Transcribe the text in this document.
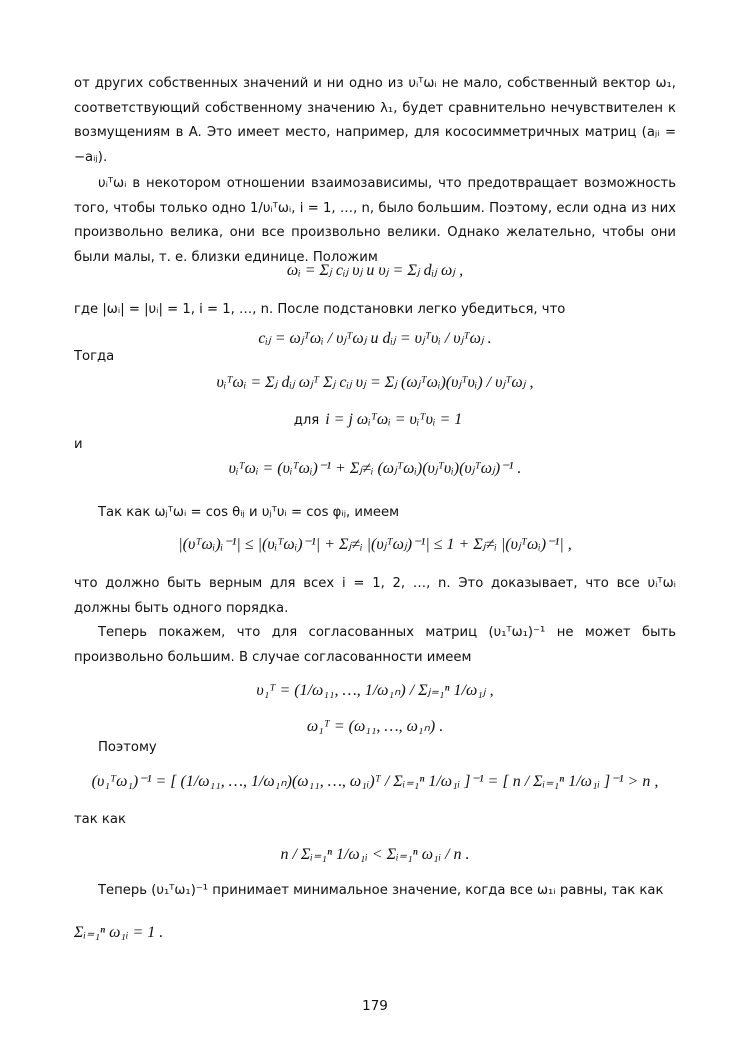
от других собственных значений и ни одно из υᵢᵀωᵢ не мало, собственный вектор ω₁, соответствующий собственному значению λ₁, будет сравнительно нечувствителен к возмущениям в A. Это имеет место, например, для кососимметричных матриц (aⱼᵢ = −aᵢⱼ).
υᵢᵀωᵢ в некотором отношении взаимозависимы, что предотвращает возможность того, чтобы только одно 1/υᵢᵀωᵢ, i = 1, …, n, было большим. Поэтому, если одна из них произвольно велика, они все произвольно велики. Однако желательно, чтобы они были малы, т. е. близки единице. Положим
ωᵢ = Σⱼ cᵢⱼ υⱼ и υⱼ = Σⱼ dᵢⱼ ωⱼ ,
где |ωᵢ| = |υᵢ| = 1, i = 1, …, n. После подстановки легко убедиться, что
cᵢⱼ = ωⱼᵀωᵢ / υⱼᵀωⱼ и dᵢⱼ = υⱼᵀυᵢ / υⱼᵀωⱼ .
Тогда
υᵢᵀωᵢ = Σⱼ dᵢⱼ ωⱼᵀ Σⱼ cᵢⱼ υⱼ = Σⱼ (ωⱼᵀωᵢ)(υⱼᵀυᵢ) / υⱼᵀωⱼ ,
для i = j ωᵢᵀωᵢ = υᵢᵀυᵢ = 1
и
υᵢᵀωᵢ = (υᵢᵀωᵢ)⁻¹ + Σⱼ≠ᵢ (ωⱼᵀωᵢ)(υⱼᵀυᵢ)(υⱼᵀωⱼ)⁻¹ .
Так как ωⱼᵀωᵢ = cos θᵢⱼ и υⱼᵀυᵢ = cos φᵢⱼ, имеем
|(υᵀωᵢ)ᵢ⁻¹| ≤ |(υᵢᵀωᵢ)⁻¹| + Σⱼ≠ᵢ |(υⱼᵀωⱼ)⁻¹| ≤ 1 + Σⱼ≠ᵢ |(υⱼᵀωᵢ)⁻¹| ,
что должно быть верным для всех i = 1, 2, …, n. Это доказывает, что все υᵢᵀωᵢ должны быть одного порядка.
Теперь покажем, что для согласованных матриц (υ₁ᵀω₁)⁻¹ не может быть произвольно большим. В случае согласованности имеем
υ₁ᵀ = (1/ω₁₁, …, 1/ω₁ₙ) / Σⱼ₌₁ⁿ 1/ω₁ⱼ ,
ω₁ᵀ = (ω₁₁, …, ω₁ₙ) .
Поэтому
(υ₁ᵀω₁)⁻¹ = [ (1/ω₁₁, …, 1/ω₁ₙ)(ω₁₁, …, ω₁ᵢ)ᵀ / Σᵢ₌₁ⁿ 1/ω₁ᵢ ]⁻¹ = [ n / Σᵢ₌₁ⁿ 1/ω₁ᵢ ]⁻¹ > n ,
так как
n / Σᵢ₌₁ⁿ 1/ω₁ᵢ < Σᵢ₌₁ⁿ ω₁ᵢ / n .
Теперь (υ₁ᵀω₁)⁻¹ принимает минимальное значение, когда все ω₁ᵢ равны, так как
Σᵢ₌₁ⁿ ω₁ᵢ = 1 .
179
